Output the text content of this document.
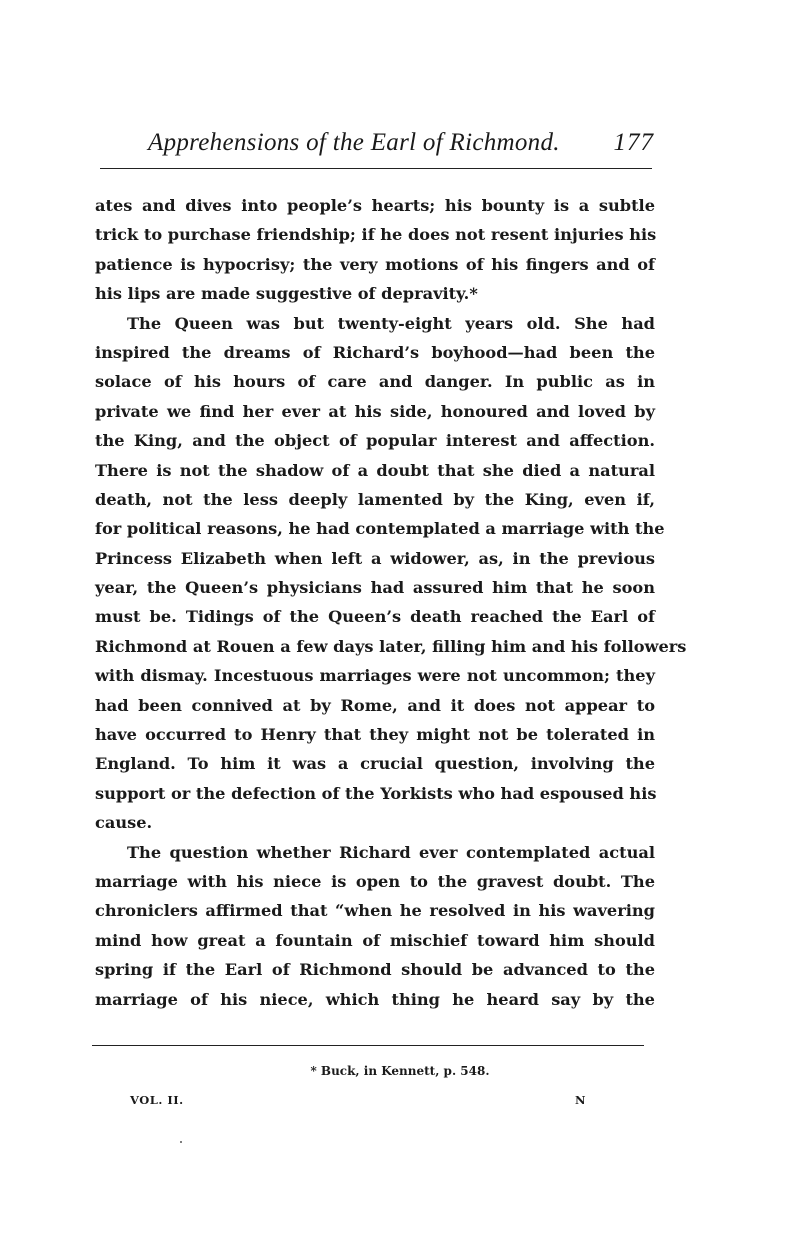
Apprehensions of the Earl of Richmond. 177
ates and dives into people’s hearts; his bounty is a subtle
trick to purchase friendship; if he does not resent injuries his
patience is hypocrisy; the very motions of his fingers and of
his lips are made suggestive of depravity.*
The Queen was but twenty-eight years old. She had
inspired the dreams of Richard’s boyhood—had been the
solace of his hours of care and danger. In public as in
private we find her ever at his side, honoured and loved by
the King, and the object of popular interest and affection.
There is not the shadow of a doubt that she died a natural
death, not the less deeply lamented by the King, even if,
for political reasons, he had contemplated a marriage with the
Princess Elizabeth when left a widower, as, in the previous
year, the Queen’s physicians had assured him that he soon
must be. Tidings of the Queen’s death reached the Earl of
Richmond at Rouen a few days later, filling him and his followers
with dismay. Incestuous marriages were not uncommon; they
had been connived at by Rome, and it does not appear to
have occurred to Henry that they might not be tolerated in
England. To him it was a crucial question, involving the
support or the defection of the Yorkists who had espoused his
cause.
The question whether Richard ever contemplated actual
marriage with his niece is open to the gravest doubt. The
chroniclers affirmed that “when he resolved in his wavering
mind how great a fountain of mischief toward him should
spring if the Earl of Richmond should be advanced to the
marriage of his niece, which thing he heard say by the
* Buck, in Kennett, p. 548.
VOL. II.	N
